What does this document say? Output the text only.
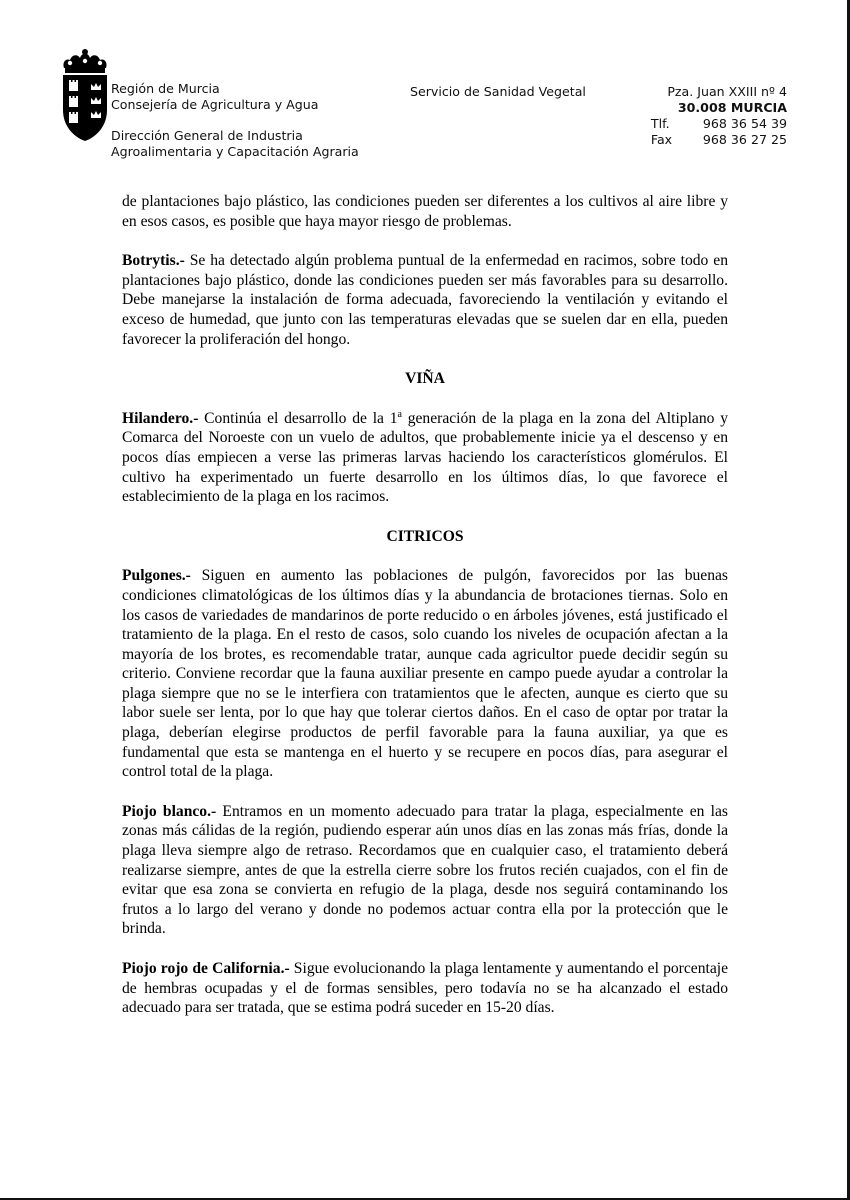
Región de Murcia
Consejería de Agricultura y Agua
Dirección General de Industria
Agroalimentaria y Capacitación Agraria
Servicio de Sanidad Vegetal	Pza. Juan XXIII nº 4
30.008 MURCIA
Tlf.	968 36 54 39
Fax 968 36 27 25

de plantaciones bajo plástico, las condiciones pueden ser diferentes a los cultivos al aire libre y en esos casos, es posible que haya mayor riesgo de problemas.

Botrytis.- Se ha detectado algún problema puntual de la enfermedad en racimos, sobre todo en plantaciones bajo plástico, donde las condiciones pueden ser más favorables para su desarrollo. Debe manejarse la instalación de forma adecuada, favoreciendo la ventilación y evitando el exceso de humedad, que junto con las temperaturas elevadas que se suelen dar en ella, pueden favorecer la proliferación del hongo.

VIÑA

Hilandero.- Continúa el desarrollo de la 1$^a$ generación de la plaga en la zona del Altiplano y Comarca del Noroeste con un vuelo de adultos, que probablemente inicie ya el descenso y en pocos días empiecen a verse las primeras larvas haciendo los característicos glomérulos. El cultivo ha experimentado un fuerte desarrollo en los últimos días, lo que favorece el establecimiento de la plaga en los racimos.

CITRICOS

Pulgones.- Siguen en aumento las poblaciones de pulgón, favorecidos por las buenas condiciones climatológicas de los últimos días y la abundancia de brotaciones tiernas. Solo en los casos de variedades de mandarinos de porte reducido o en árboles jóvenes, está justificado el tratamiento de la plaga. En el resto de casos, solo cuando los niveles de ocupación afectan a la mayoría de los brotes, es recomendable tratar, aunque cada agricultor puede decidir según su criterio. Conviene recordar que la fauna auxiliar presente en campo puede ayudar a controlar la plaga siempre que no se le interfiera con tratamientos que le afecten, aunque es cierto que su labor suele ser lenta, por lo que hay que tolerar ciertos daños. En el caso de optar por tratar la plaga, deberían elegirse productos de perfil favorable para la fauna auxiliar, ya que es fundamental que esta se mantenga en el huerto y se recupere en pocos días, para asegurar el control total de la plaga.

Piojo blanco.- Entramos en un momento adecuado para tratar la plaga, especialmente en las zonas más cálidas de la región, pudiendo esperar aún unos días en las zonas más frías, donde la plaga lleva siempre algo de retraso. Recordamos que en cualquier caso, el tratamiento deberá realizarse siempre, antes de que la estrella cierre sobre los frutos recién cuajados, con el fin de evitar que esa zona se convierta en refugio de la plaga, desde nos seguirá contaminando los frutos a lo largo del verano y donde no podemos actuar contra ella por la protección que le brinda.

Piojo rojo de California.- Sigue evolucionando la plaga lentamente y aumentando el porcentaje de hembras ocupadas y el de formas sensibles, pero todavía no se ha alcanzado el estado adecuado para ser tratada, que se estima podrá suceder en 15-20 días.
